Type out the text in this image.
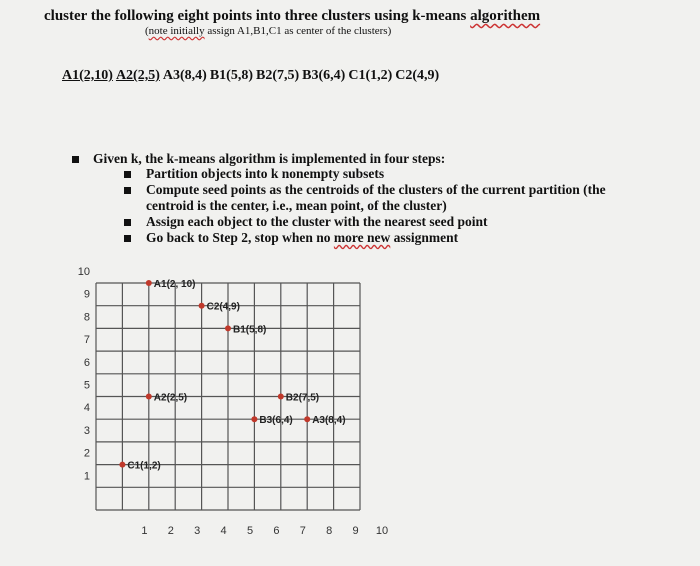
cluster the following eight points into three clusters using k-means algorithem
(note initially assign A1,B1,C1 as center of the clusters)
A1(2,10) A2(2,5) A3(8,4) B1(5,8) B2(7,5) B3(6,4) C1(1,2) C2(4,9)
Given k, the k-means algorithm is implemented in four steps:
Partition objects into k nonempty subsets
Compute seed points as the centroids of the clusters of the current partition (the centroid is the center, i.e., mean point, of the cluster)
Assign each object to the cluster with the nearest seed point
Go back to Step 2, stop when no more new assignment
1 2 3 4 5 6 7 8 9 10
1
2
3
4
5
6
7
8
9
10
A1(2, 10)
A2(2,5)
A3(8,4)
B1(5,8)
B2(7,5)
B3(6,4)
C1(1,2)
C2(4,9)
